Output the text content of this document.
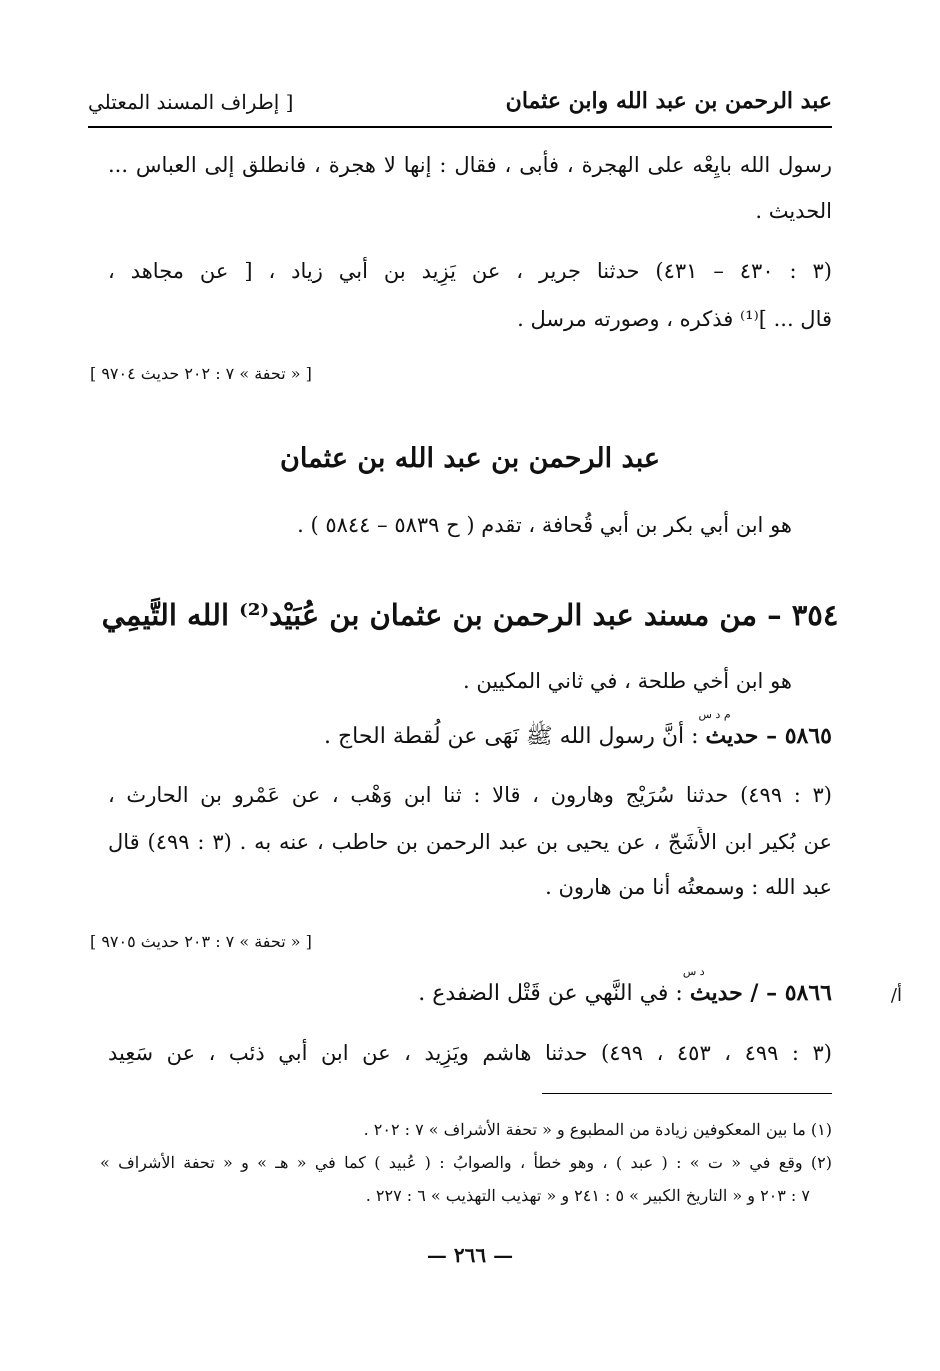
عبد الرحمن بن عبد الله وابن عثمان
[ إطراف المسند المعتلي
رسول الله بايِعْه على الهجرة ، فأبى ، فقال : إنها لا هجرة ، فانطلق إلى العباس ...
الحديث .
(٣ : ٤٣٠ – ٤٣١) حدثنا جرير ، عن يَزِيد بن أبي زياد ، [ عن مجاهد ،
قال ... ]⁽¹⁾ فذكره ، وصورته مرسل .
[ « تحفة » ٧ : ٢٠٢ حديث ٩٧٠٤ ]
عبد الرحمن بن عبد الله بن عثمان
هو ابن أبي بكر بن أبي قُحافة ، تقدم ( ح ٥٨٣٩ – ٥٨٤٤ ) .
٣٥٤ – من مسند عبد الرحمن بن عثمان بن عُبَيْد⁽²⁾ الله التَّيمِي
هو ابن أخي طلحة ، في ثاني المكيين .
٥٨٦٥ – حديث
م د س
: أنَّ رسول الله ﷺ نَهَى عن لُقطة الحاج .
(٣ : ٤٩٩) حدثنا سُرَيْج وهارون ، قالا : ثنا ابن وَهْب ، عن عَمْرو بن الحارث ،
عن بُكير ابن الأَشَجّ ، عن يحيى بن عبد الرحمن بن حاطب ، عنه به . (٣ : ٤٩٩) قال
عبد الله : وسمعتُه أنا من هارون .
[ « تحفة » ٧ : ٢٠٣ حديث ٩٧٠٥ ]
/أ
٥٨٦٦ – / حديث
د س
: في النَّهي عن قَتْل الضفدع .
(٣ : ٤٩٩ ، ٤٥٣ ، ٤٩٩) حدثنا هاشم ويَزِيد ، عن ابن أبي ذئب ، عن سَعِيد
(١) ما بين المعكوفين زيادة من المطبوع و « تحفة الأشراف » ٧ : ٢٠٢ .
(٢) وقع في « ت » : ( عبد ) ، وهو خطأ ، والصوابُ : ( عُبيد ) كما في « هـ » و « تحفة الأشراف »
٧ : ٢٠٣ و « التاريخ الكبير » ٥ : ٢٤١ و « تهذيب التهذيب » ٦ : ٢٢٧ .
— ٢٦٦ —
